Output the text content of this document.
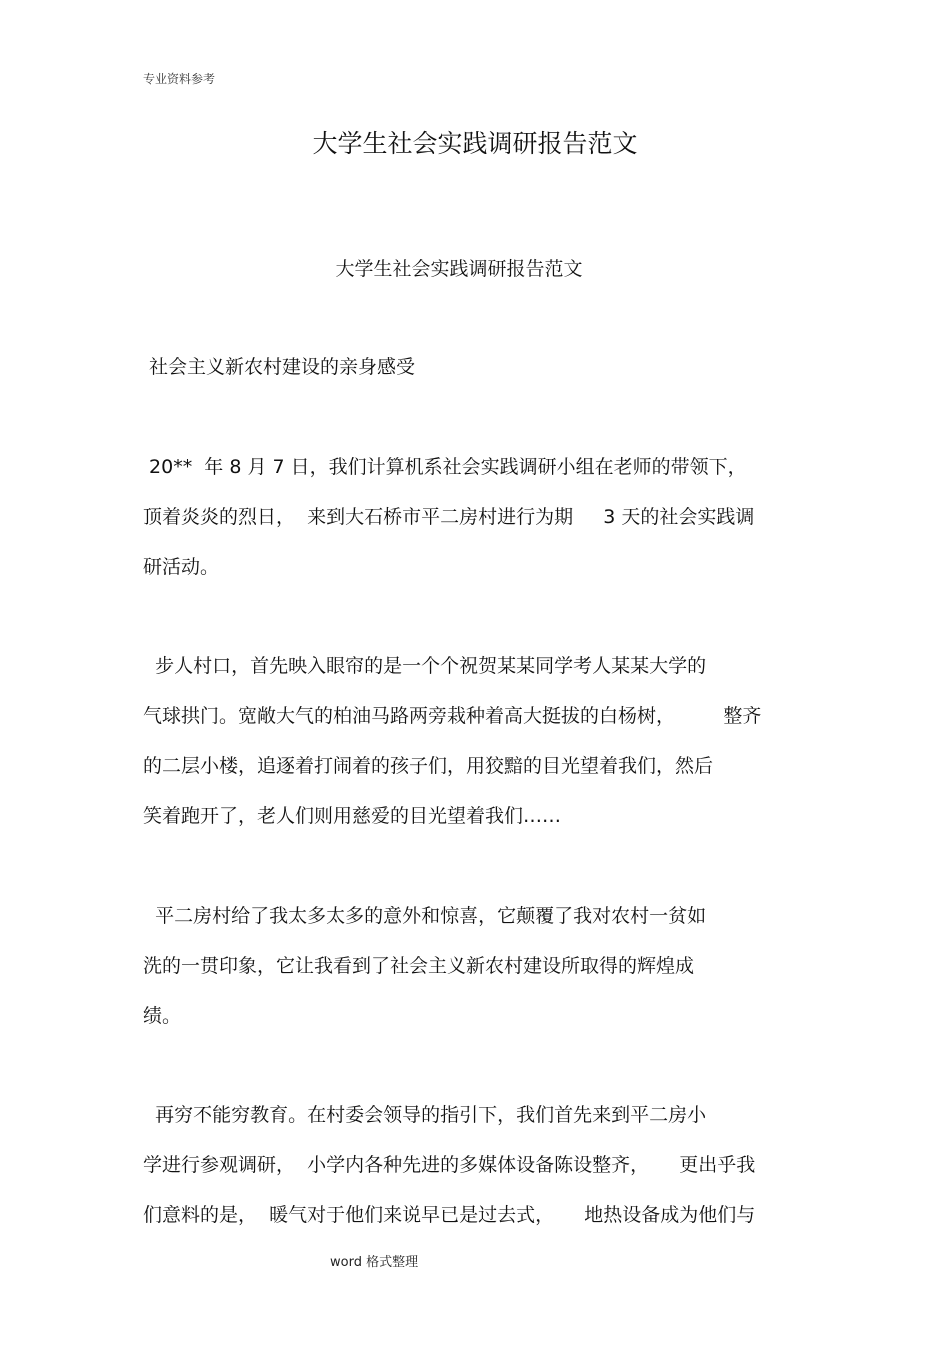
专业资料参考
大学生社会实践调研报告范文
大学生社会实践调研报告范文
社会主义新农村建设的亲身感受
20**  年 8 月 7 日，我们计算机系社会实践调研小组在老师的带领下，
顶着炎炎的烈日，  来到大石桥市平二房村进行为期     3 天的社会实践调
研活动。
步人村口，首先映入眼帘的是一个个祝贺某某同学考人某某大学的
气球拱门。宽敞大气的柏油马路两旁栽种着高大挺拔的白杨树，        整齐
的二层小楼，追逐着打闹着的孩子们，用狡黯的目光望着我们，然后
笑着跑开了，老人们则用慈爱的目光望着我们……
平二房村给了我太多太多的意外和惊喜，它颠覆了我对农村一贫如
洗的一贯印象，它让我看到了社会主义新农村建设所取得的辉煌成
绩。
再穷不能穷教育。在村委会领导的指引下，我们首先来到平二房小
学进行参观调研，  小学内各种先进的多媒体设备陈设整齐，     更出乎我
们意料的是，  暖气对于他们来说早已是过去式，     地热设备成为他们与
word 格式整理
